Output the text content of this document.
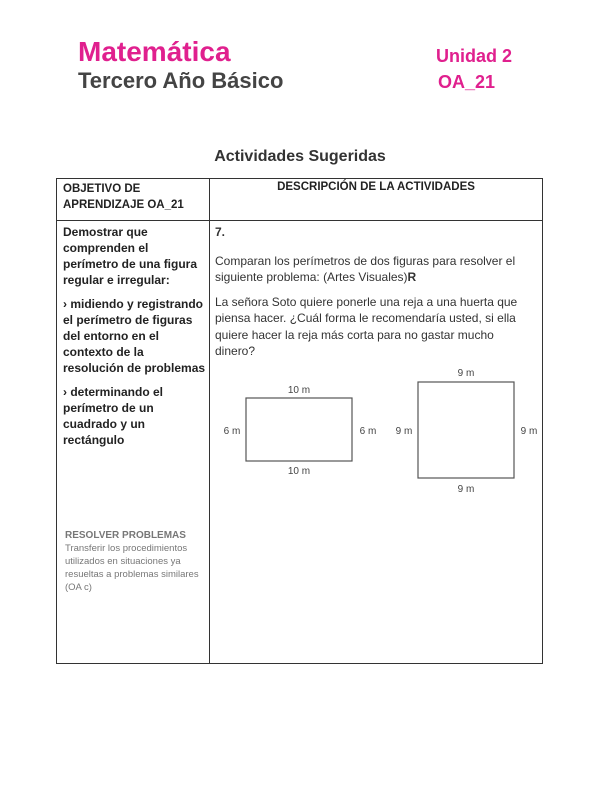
Matemática
Tercero Año Básico
Unidad 2
OA_21
Actividades Sugeridas
OBJETIVO DE APRENDIZAJE OA_21
DESCRIPCIÓN DE LA ACTIVIDADES

Demostrar que comprenden el perímetro de una figura regular e irregular:

› midiendo y registrando el perímetro de figuras del entorno en el contexto de la resolución de problemas

› determinando el perímetro de un cuadrado y un rectángulo

RESOLVER PROBLEMAS
Transferir los procedimientos utilizados en situaciones ya resueltas a problemas similares (OA c)

7.

Comparan los perímetros de dos figuras para resolver el siguiente problema: (Artes Visuales)R

La señora Soto quiere ponerle una reja a una huerta que piensa hacer. ¿Cuál forma le recomendaría usted, si ella quiere hacer la reja más corta para no gastar mucho dinero?

10 m
10 m
6 m	6 m
9 m
9 m
9 m	9 m
